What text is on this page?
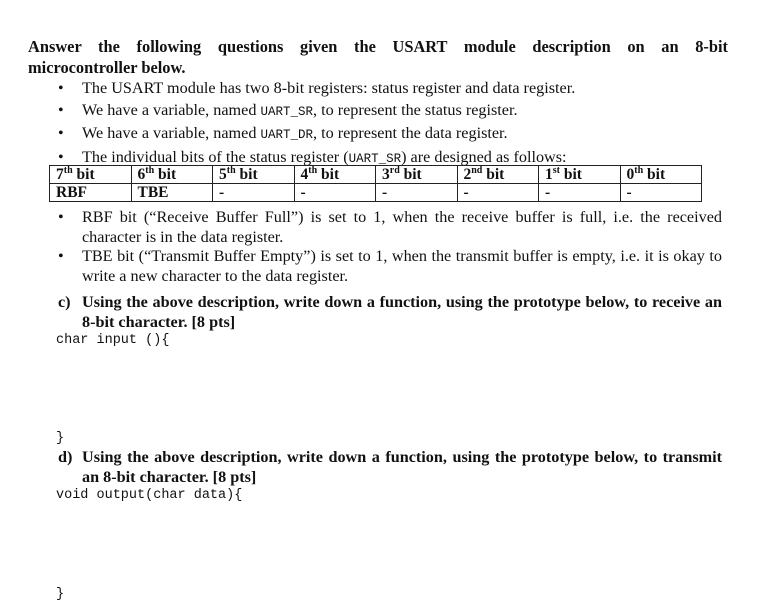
Answer the following questions given the USART module description on an 8-bit
microcontroller below.
• The USART module has two 8-bit registers: status register and data register.
• We have a variable, named UART_SR, to represent the status register.
• We have a variable, named UART_DR, to represent the data register.
• The individual bits of the status register (UART_SR) are designed as follows:
7th bit	6th bit	5th bit	4th bit	3rd bit	2nd bit	1st bit	0th bit
RBF	TBE	-	-	-	-	-	-
• RBF bit (“Receive Buffer Full”) is set to 1, when the receive buffer is full, i.e. the received character is in the data register.
• TBE bit (“Transmit Buffer Empty”) is set to 1, when the transmit buffer is empty, i.e. it is okay to write a new character to the data register.
c) Using the above description, write down a function, using the prototype below, to receive an 8-bit character. [8 pts]
char input (){
}
d) Using the above description, write down a function, using the prototype below, to transmit an 8-bit character. [8 pts]
void output(char data){
}
